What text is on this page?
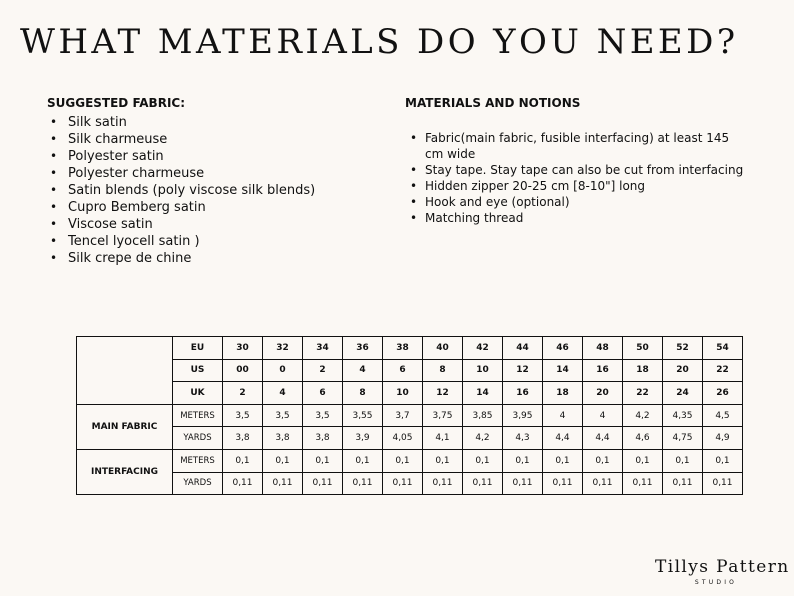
WHAT MATERIALS DO YOU NEED?
SUGGESTED FABRIC:
• Silk satin
• Silk charmeuse
• Polyester satin
• Polyester charmeuse
• Satin blends (poly viscose silk blends)
• Cupro Bemberg satin
• Viscose satin
• Tencel lyocell satin )
• Silk crepe de chine
MATERIALS AND NOTIONS
• Fabric(main fabric, fusible interfacing) at least 145 cm wide
• Stay tape. Stay tape can also be cut from interfacing
• Hidden zipper 20-25 cm [8-10"] long
• Hook and eye (optional)
• Matching thread
	EU	30	32	34	36	38	40	42	44	46	48	50	52	54
	US	00	0	2	4	6	8	10	12	14	16	18	20	22
	UK	2	4	6	8	10	12	14	16	18	20	22	24	26
MAIN FABRIC	METERS	3,5	3,5	3,5	3,55	3,7	3,75	3,85	3,95	4	4	4,2	4,35	4,5
	YARDS	3,8	3,8	3,8	3,9	4,05	4,1	4,2	4,3	4,4	4,4	4,6	4,75	4,9
INTERFACING	METERS	0,1	0,1	0,1	0,1	0,1	0,1	0,1	0,1	0,1	0,1	0,1	0,1	0,1
	YARDS	0,11	0,11	0,11	0,11	0,11	0,11	0,11	0,11	0,11	0,11	0,11	0,11	0,11
Tillys Pattern
STUDIO
